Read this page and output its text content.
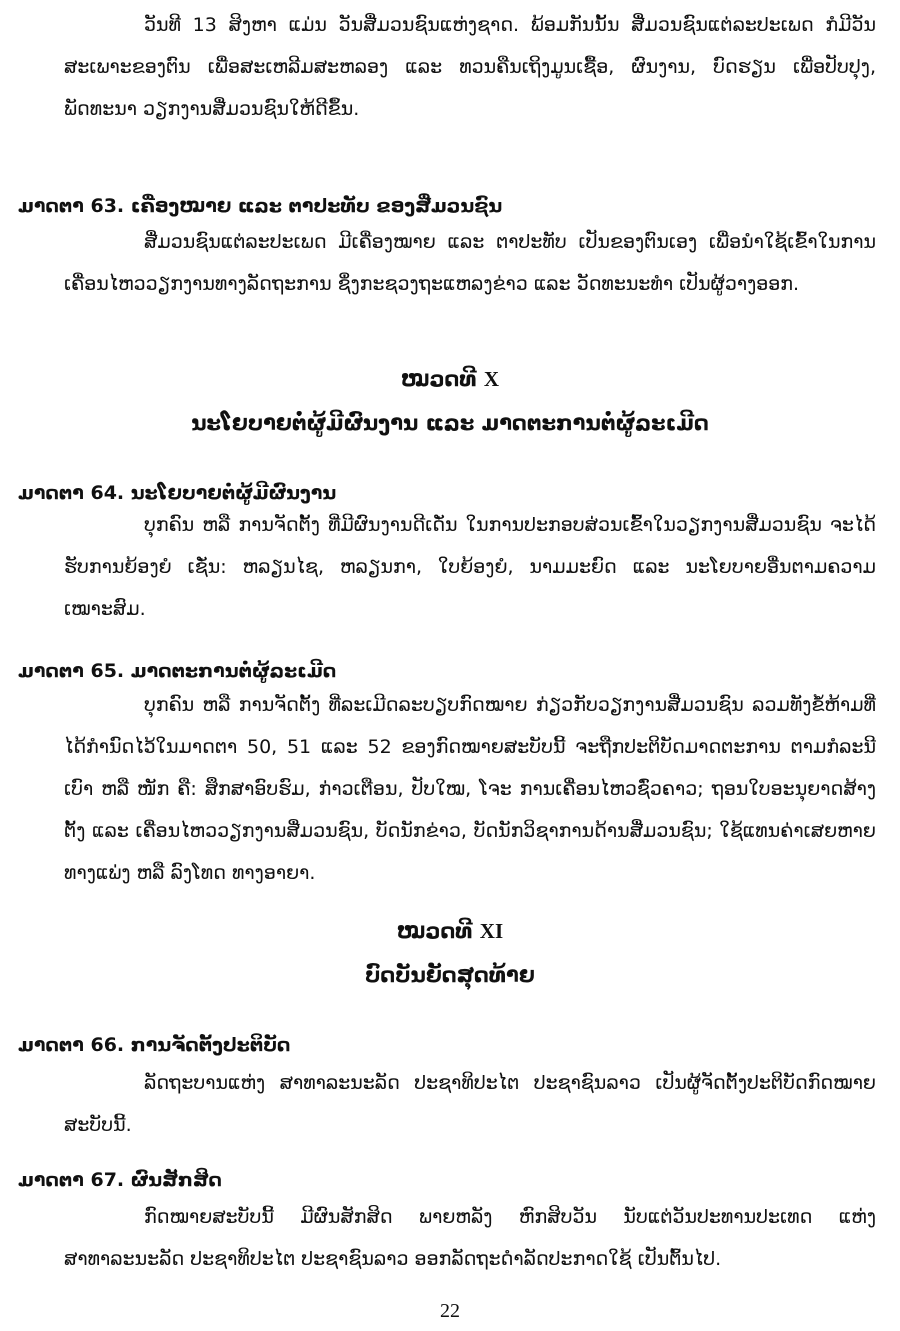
ວັນທີ 13 ສິງຫາ ແມ່ນ ວັນສື່ມວນຊົນແຫ່ງຊາດ. ພ້ອມກັນນັ້ນ ສື່ມວນຊົນແຕ່ລະປະເພດ ກໍມີວັນສະເພາະຂອງຕົນ ເພື່ອສະເຫລີມສະຫລອງ ແລະ ທວນຄືນເຖິງມູນເຊື້ອ, ຜົນງານ, ບົດຮຽນ ເພື່ອປັບປຸງ, ພັດທະນາ ວຽກງານສື່ມວນຊົນໃຫ້ດີຂຶ້ນ.

ມາດຕາ 63. ເຄື່ອງໝາຍ ແລະ ຕາປະທັບ ຂອງສື່ມວນຊົນ

ສື່ມວນຊົນແຕ່ລະປະເພດ ມີເຄື່ອງໝາຍ ແລະ ຕາປະທັບ ເປັນຂອງຕົນເອງ ເພື່ອນໍາໃຊ້ເຂົ້າໃນການເຄື່ອນໄຫວວຽກງານທາງລັດຖະການ ຊຶ່ງກະຊວງຖະແຫລງຂ່າວ ແລະ ວັດທະນະທໍາ ເປັນຜູ້ວາງອອກ.

ໝວດທີ X
ນະໂຍບາຍຕໍ່ຜູ້ມີຜົນງານ ແລະ ມາດຕະການຕໍ່ຜູ້ລະເມີດ
ມາດຕາ 64. ນະໂຍບາຍຕໍ່ຜູ້ມີຜົນງານ

ບຸກຄົນ ຫລື ການຈັດຕັ້ງ ທີ່ມີຜົນງານດີເດັ່ນ ໃນການປະກອບສ່ວນເຂົ້າໃນວຽກງານສື່ມວນຊົນ ຈະໄດ້ຮັບການຍ້ອງຍໍ ເຊັ່ນ: ຫລຽນໄຊ, ຫລຽນກາ, ໃບຍ້ອງຍໍ, ນາມມະຍົດ ແລະ ນະໂຍບາຍອື່ນຕາມຄວາມເໝາະສົມ.

ມາດຕາ 65. ມາດຕະການຕໍ່ຜູ້ລະເມີດ

ບຸກຄົນ ຫລື ການຈັດຕັ້ງ ທີ່ລະເມີດລະບຽບກົດໝາຍ ກ່ຽວກັບວຽກງານສື່ມວນຊົນ ລວມທັງຂໍ້ຫ້າມທີ່ໄດ້ກໍານົດໄວ້ໃນມາດຕາ 50, 51 ແລະ 52 ຂອງກົດໝາຍສະບັບນີ້ ຈະຖືກປະຕິບັດມາດຕະການ ຕາມກໍລະນີເບົາ ຫລື ໜັກ ຄື: ສຶກສາອົບຮົມ, ກ່າວເຕືອນ, ປັບໃໝ, ໂຈະ ການເຄື່ອນໄຫວຊົ່ວຄາວ; ຖອນໃບອະນຸຍາດສ້າງຕັ້ງ ແລະ ເຄື່ອນໄຫວວຽກງານສື່ມວນຊົນ, ບັດນັກຂ່າວ, ບັດນັກວິຊາການດ້ານສື່ມວນຊົນ; ໃຊ້ແທນຄ່າເສຍຫາຍທາງແພ່ງ ຫລື ລົງໂທດ ທາງອາຍາ.

ໝວດທີ XI
ບົດບັນຍັດສຸດທ້າຍ
ມາດຕາ 66. ການຈັດຕັ້ງປະຕິບັດ

ລັດຖະບານແຫ່ງ ສາທາລະນະລັດ ປະຊາທິປະໄຕ ປະຊາຊົນລາວ ເປັນຜູ້ຈັດຕັ້ງປະຕິບັດກົດໝາຍສະບັບນີ້.

ມາດຕາ 67. ຜົນສັກສິດ

ກົດໝາຍສະບັບນີ້ ມີຜົນສັກສິດ ພາຍຫລັງ ຫົກສິບວັນ ນັບແຕ່ວັນປະທານປະເທດ ແຫ່ງສາທາລະນະລັດ ປະຊາທິປະໄຕ ປະຊາຊົນລາວ ອອກລັດຖະດໍາລັດປະກາດໃຊ້ ເປັນຕົ້ນໄປ.

22
